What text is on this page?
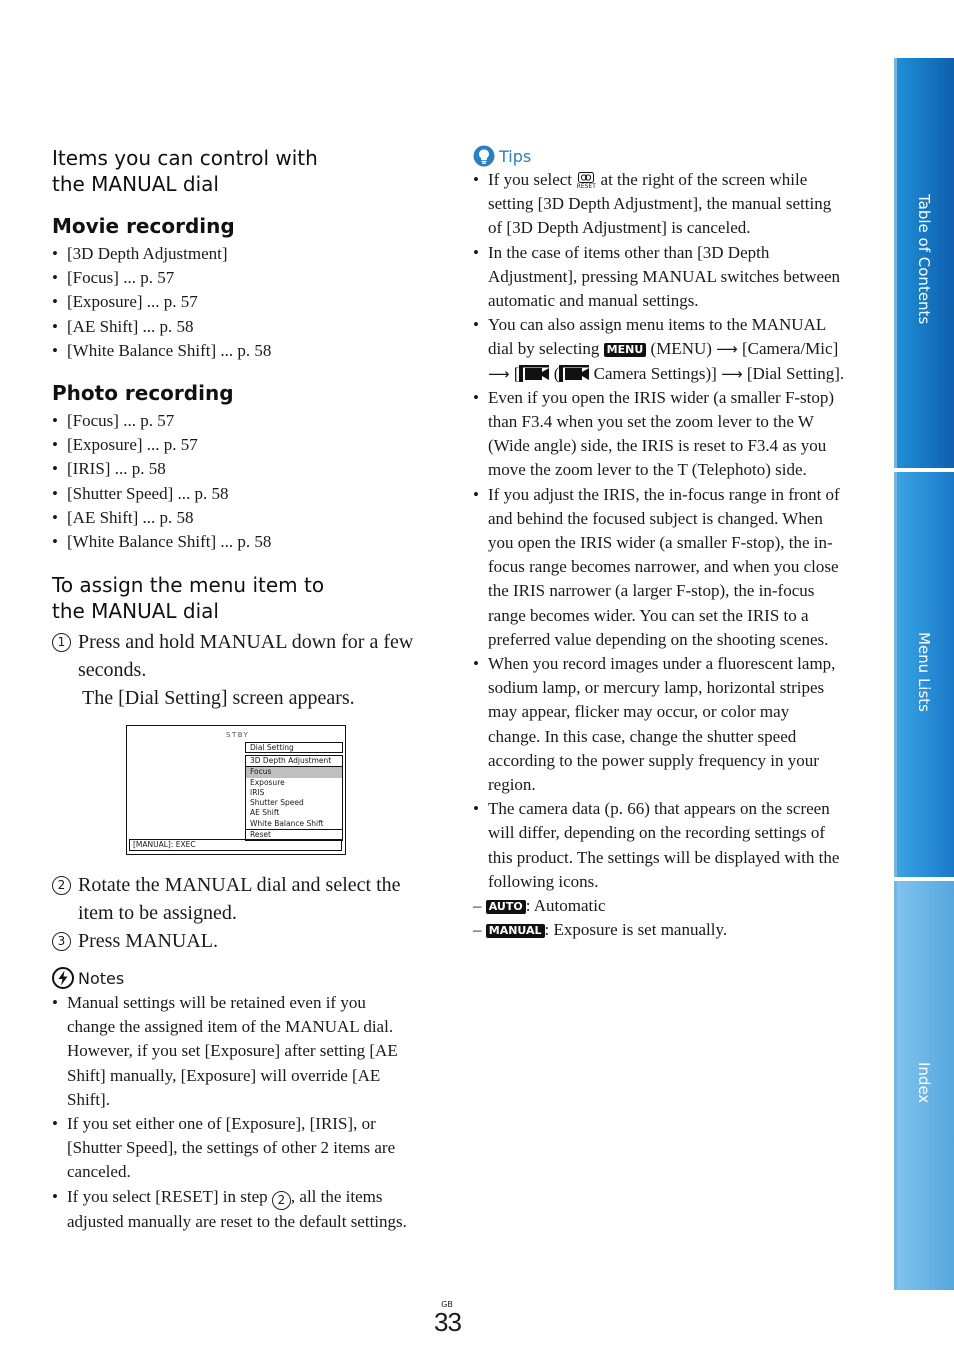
Items you can control with the MANUAL dial

Movie recording

• [3D Depth Adjustment]
• [Focus] ... p. 57
• [Exposure] ... p. 57
• [AE Shift] ... p. 58
• [White Balance Shift] ... p. 58

Photo recording

• [Focus] ... p. 57
• [Exposure] ... p. 57
• [IRIS] ... p. 58
• [Shutter Speed] ... p. 58
• [AE Shift] ... p. 58
• [White Balance Shift] ... p. 58

To assign the menu item to the MANUAL dial

1 Press and hold MANUAL down for a few seconds.
The [Dial Setting] screen appears.
STBY
Dial Setting
3D Depth Adjustment
Focus
Exposure
IRIS
Shutter Speed
AE Shift
White Balance Shift
Reset
[MANUAL]: EXEC
2 Rotate the MANUAL dial and select the item to be assigned.
3 Press MANUAL.
Notes
• Manual settings will be retained even if you change the assigned item of the MANUAL dial. However, if you set [Exposure] after setting [AE Shift] manually, [Exposure] will override [AE Shift].
• If you set either one of [Exposure], [IRIS], or [Shutter Speed], the settings of other 2 items are canceled.
• If you select [RESET] in step 2 , all the items adjusted manually are reset to the default settings.
Tips
• If you select RESET at the right of the screen while setting [3D Depth Adjustment], the manual setting of [3D Depth Adjustment] is canceled.
• In the case of items other than [3D Depth Adjustment], pressing MANUAL switches between automatic and manual settings.
• You can also assign menu items to the MANUAL dial by selecting MENU (MENU) ⟶ [Camera/Mic] ⟶ [ ( Camera Settings)] ⟶ [Dial Setting].
• Even if you open the IRIS wider (a smaller F-stop) than F3.4 when you set the zoom lever to the W (Wide angle) side, the IRIS is reset to F3.4 as you move the zoom lever to the T (Telephoto) side.
• If you adjust the IRIS, the in-focus range in front of and behind the focused subject is changed. When you open the IRIS wider (a smaller F-stop), the in-focus range becomes narrower, and when you close the IRIS narrower (a larger F-stop), the in-focus range becomes wider. You can set the IRIS to a preferred value depending on the shooting scenes.
• When you record images under a fluorescent lamp, sodium lamp, or mercury lamp, horizontal stripes may appear, flicker may occur, or color may change. In this case, change the shutter speed according to the power supply frequency in your region.
• The camera data (p. 66) that appears on the screen will differ, depending on the recording settings of this product. The settings will be displayed with the following icons.
– AUTO : Automatic
– MANUAL : Exposure is set manually.
Table of Contents
Menu Lists
Index
GB
33
